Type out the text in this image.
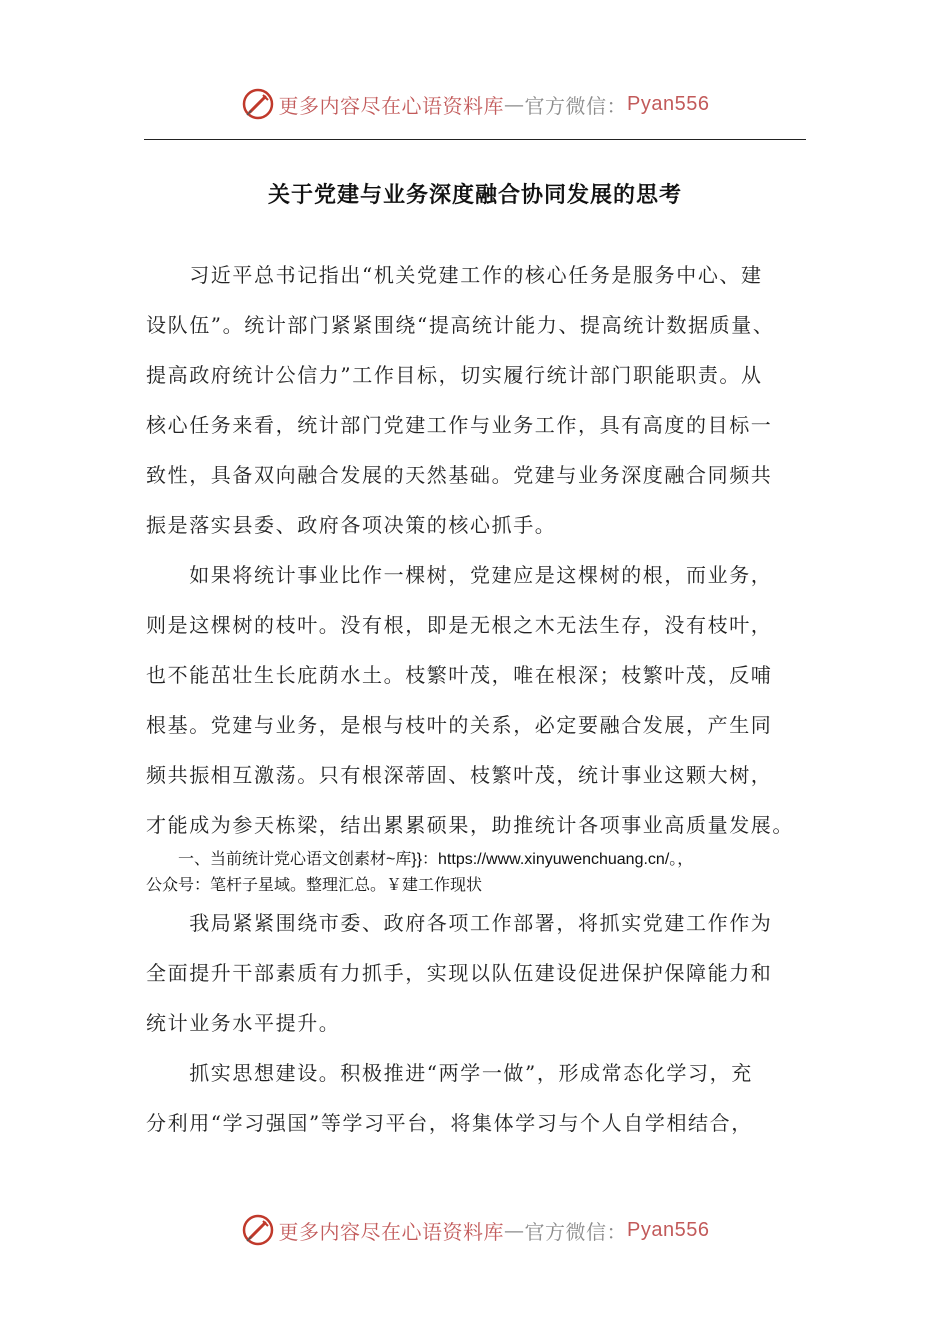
更多内容尽在心语资料库 — 官方微信： Pyan556
关于党建与业务深度融合协同发展的思考
　　习近平总书记指出“机关党建工作的核心任务是服务中心、建
设队伍”。统计部门紧紧围绕“提高统计能力、提高统计数据质量、
提高政府统计公信力”工作目标，切实履行统计部门职能职责。从
核心任务来看，统计部门党建工作与业务工作，具有高度的目标一
致性，具备双向融合发展的天然基础。党建与业务深度融合同频共
振是落实县委、政府各项决策的核心抓手。
　　如果将统计事业比作一棵树，党建应是这棵树的根，而业务，
则是这棵树的枝叶。没有根，即是无根之木无法生存，没有枝叶，
也不能茁壮生长庇荫水土。枝繁叶茂，唯在根深；枝繁叶茂，反哺
根基。党建与业务，是根与枝叶的关系，必定要融合发展，产生同
频共振相互激荡。只有根深蒂固、枝繁叶茂，统计事业这颗大树，
才能成为参天栋梁，结出累累硕果，助推统计各项事业高质量发展。
　　一、当前统计党心语文创素材~库}}：https://www.xinyuwenchuang.cn/。，
公众号：笔杆子星域。整理汇总。￥建工作现状
　　我局紧紧围绕市委、政府各项工作部署，将抓实党建工作作为
全面提升干部素质有力抓手，实现以队伍建设促进保护保障能力和
统计业务水平提升。
　　抓实思想建设。积极推进“两学一做”，形成常态化学习，充
分利用“学习强国”等学习平台，将集体学习与个人自学相结合，
更多内容尽在心语资料库 — 官方微信： Pyan556
